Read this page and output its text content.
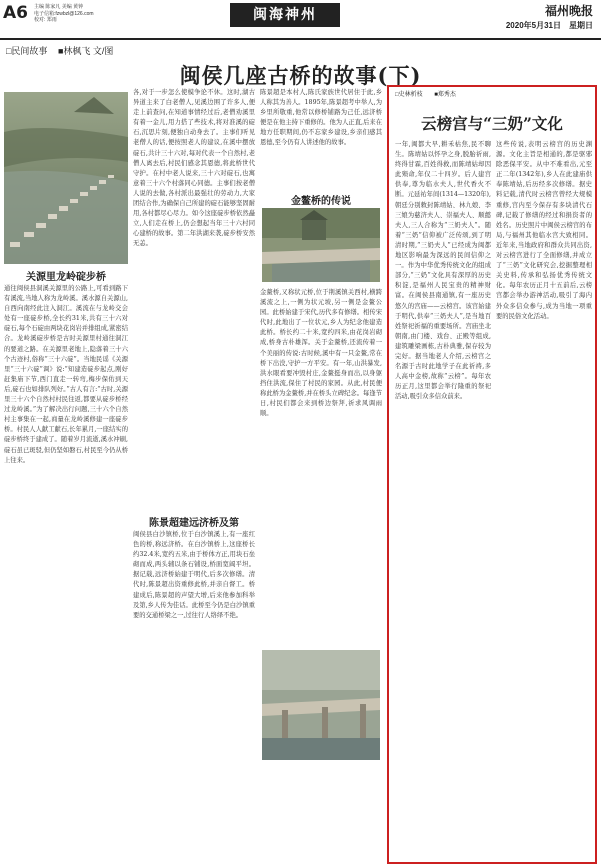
A6 主编 陈家凡 美编 黄钟
电子信箱:fzwbzl@126.com
校对: 郑雨	闽海神州	福州晚报
2020年5月31日　星期日
□民间故事 ■林枫飞 文/图
闽侯几座古桥的故事(下)
关源里龙岭碇步桥
通往闽侯县洞溪关源里的公路上,可看到路下有溪流,当地人称为龙岭溪。溪水源自关源山,自西向南经此注入洞江。溪流在与龙岭交会处有一座碇步桥,全长约31米,共有三十六对碇石,每个石碇由两块花岗岩并排组成,紧密结合。龙岭溪碇步桥是古时关源里村通往洞江的要道之路。在关源里老地上,隐落着三十六个古迹村,俗称“三十六碇”。当地民谣《关源里“三十六碇”调》说:“知建造碇步起点,刚好赶集庙下节,西门直走一转弯,梅步保佑到天后,碇石也如排队列好。”古人有言:“古时,关源里三十六个自然村村民往返,都要从碇步桥经过龙岭溪。”为了解决出行问题,三十六个自然村主事集在一起,商量在龙岭溪修建一座碇步桥。村民人人献工献石,长年累月,一座结实的碇步桥终于建成了。随着岁月流逝,溪水冲刷,碇石虽已斑驳,但仍坚如磐石,村民至今仍从桥上往来。
各,对于一步怎么使模争论不休。这时,湖古异道主来了白老僧人,见溪边围了许多人,便走上前查问,在知道事情经过后,老僧劝溪里有着一金儿,用力搭了些技术,将对准溪的碇石,沉思片刻,便独自动身去了。主事们听见老僧人的话,便按照老人的建议,在溪中摆放碇石,共计三十六对,每对代表一个自然村,老僧人离去后,村民们感念其恩德,将此桥世代守护。在村中老人说来,三十六对碇石,也寓意着三十六个村落同心同德。主事们按老僧人说的去做,各村派出最强壮的劳动力,大家团结合作,为确保自己所建的碇石能够坚固耐用,各村都尽心尽力。如今这座碇步桥依然矗立,人们走在桥上,仍会想起当年三十六村同心建桥的故事。第二年洪湖来袭,碇步桥安然无恙。
陈景超建远济桥及第
闽侯县白沙镇桥,位于白沙镇溪上,有一座红色的桥,称远济桥。在白沙镇桥上,这座桥长约32.4米,宽约五米,由于桥体方正,用块石垒砌而成,两头辅以条石铺设,桥面宽阔平坦。据记载,远济桥始建于明代,后多次修缮。清代时,陈景超出资重修此桥,并亲自督工。桥建成后,陈景超的声望大增,后来他参加科举及第,乡人传为佳话。此桥至今仍是白沙镇重要的交通桥梁之一,过往行人络绎不绝。
陈景超是本村人,陈氏家族世代居住于此,乡人称其为善人。1895年,陈景超考中举人,为乡里所敬重,他常以修桥铺路为己任,远济桥便是在他主持下重修的。他为人正直,后来在地方任职期间,仍不忘家乡建设,乡亲们感其恩德,至今仍有人讲述他的故事。
金鳌桥的传说
金鳌桥,又称状元桥,位于荆溪镇关西村,横跨溪流之上,一侧为状元坡,另一侧是金鳌公园。此桥始建于宋代,历代多有修缮。相传宋代时,此地出了一位状元,乡人为纪念他建造此桥。桥长约二十米,宽约四米,由花岗岩砌成,桥身古朴雄浑。关于金鳌桥,还流传着一个美丽的传说:古时候,溪中有一只金鳌,常在桥下出没,守护一方平安。有一年,山洪暴发,洪水眼看要冲毁村庄,金鳌挺身而出,以身躯挡住洪流,保住了村民的家园。从此,村民便称此桥为金鳌桥,并在桥头立碑纪念。每逢节日,村民们都会来到桥边祭拜,祈求风调雨顺。
□史林析枝 ■郑秀杰
云榜宫与“三奶”文化
一年,闽都大早,耕禾枯焦,民不聊生。陈靖姑以怀孕之身,脱胎祈雨,终得甘霖,百姓得救,而陈靖姑却因此殒命,年仅二十四岁。后人建宫供奉,尊为临水夫人,世代香火不断。元延祐年间(1314—1320年),朝廷分别敕封陈靖姑、林九娘、李三娘为慈济夫人、崇福夫人、顺懿夫人,三人合称为“三奶夫人”。随着“三奶”信仰被广泛传颂,到了明清时期,“三奶夫人”已经成为闽都地区影响最为深远的民间信仰之一。作为中华优秀传统文化的组成部分,“三奶”文化具有深厚的历史积淀,是福州人民宝贵的精神财富。在闽侯县南通镇,有一座历史悠久的宫庙——云榜宫。该宫始建于明代,供奉“三奶夫人”,是当地百姓祭祀祈福的重要场所。宫庙坐北朝南,由门楼、戏台、正殿等组成,建筑雕梁画栋,古朴典雅,保存较为完好。据当地老人介绍,云榜宫之名源于古时此地学子在此祈祷,多人高中金榜,故称“云榜”。每年农历正月,这里都会举行隆重的祭祀活动,吸引众多信众前来。
这些传说,表明云榜宫的历史渊源。文化主旨是相通的,都是驱邪除恶保平安。从中不难看出,元至正二年(1342年),乡人在此建庙供奉陈靖姑,后历经多次修缮。据史料记载,清代时云榜宫曾经大规模重修,宫内至今保存有多块清代石碑,记载了修缮的经过和捐资者的姓名。历史照片中闽侯云榜宫的布局,与福州其他临水宫大致相同。近年来,当地政府和群众共同出资,对云榜宫进行了全面修缮,并成立了“三奶”文化研究会,挖掘整理相关史料,传承和弘扬优秀传统文化。每年农历正月十五前后,云榜宫都会举办游神活动,吸引了海内外众多信众参与,成为当地一项重要的民俗文化活动。
